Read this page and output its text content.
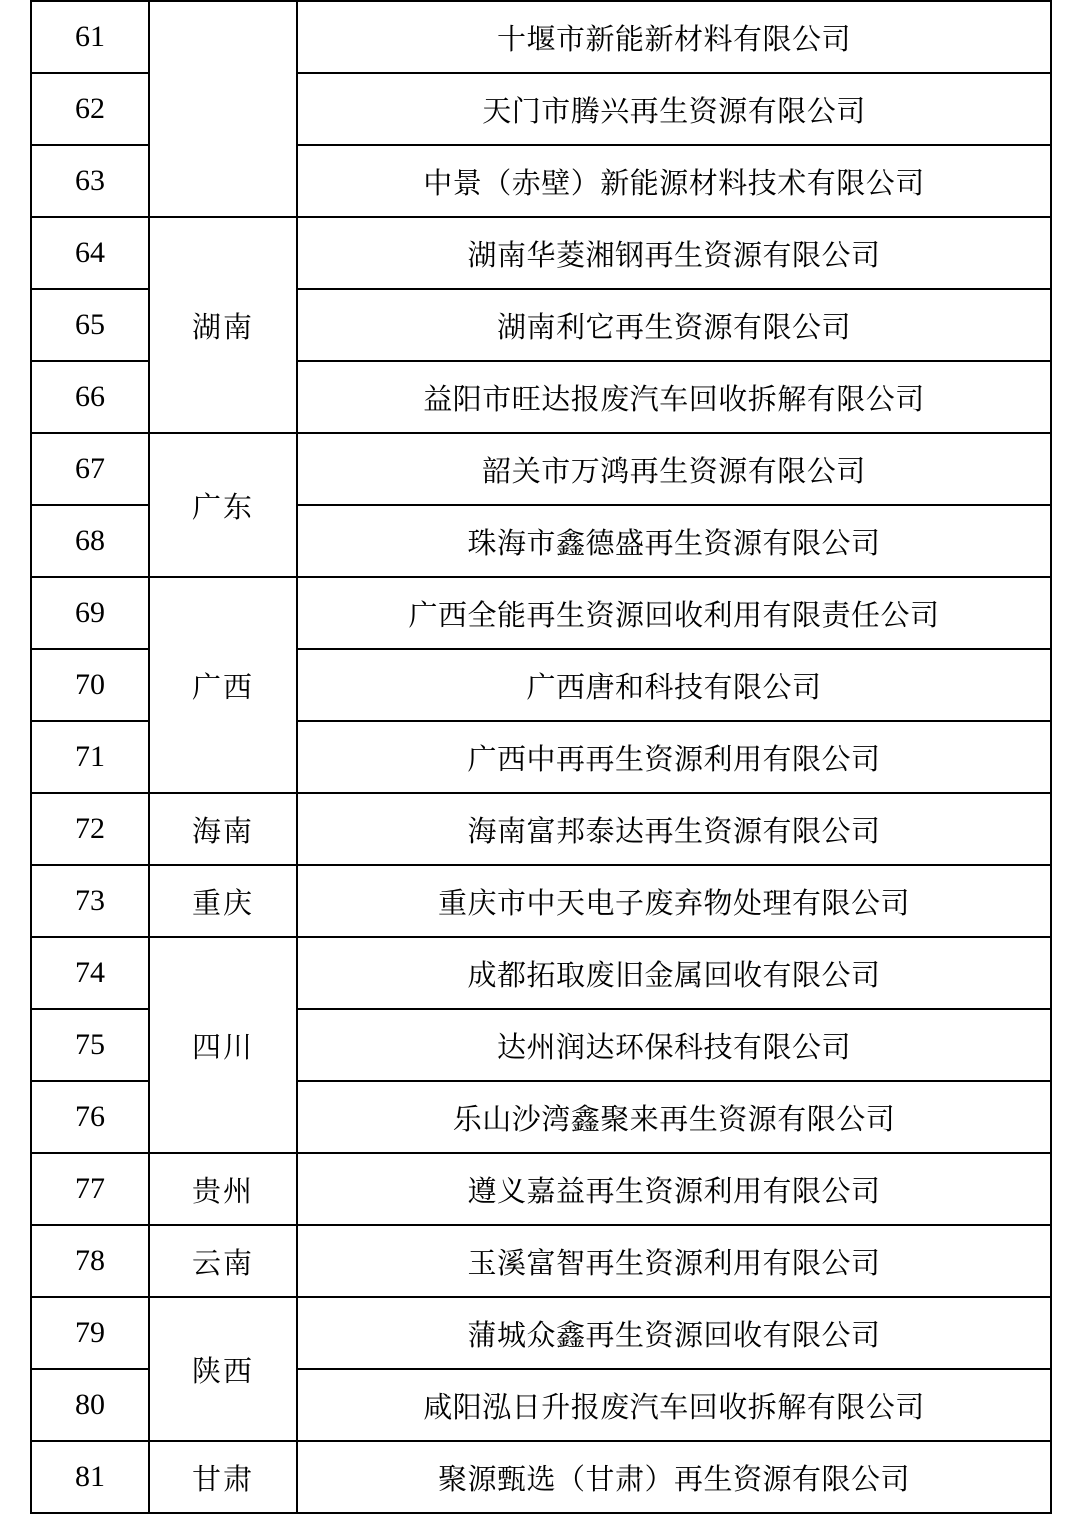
61		十堰市新能新材料有限公司
62		天门市腾兴再生资源有限公司
63		中景（赤壁）新能源材料技术有限公司
64	湖南	湖南华菱湘钢再生资源有限公司
65		湖南利它再生资源有限公司
66		益阳市旺达报废汽车回收拆解有限公司
67	广东	韶关市万鸿再生资源有限公司
68		珠海市鑫德盛再生资源有限公司
69	广西	广西全能再生资源回收利用有限责任公司
70		广西唐和科技有限公司
71		广西中再再生资源利用有限公司
72	海南	海南富邦泰达再生资源有限公司
73	重庆	重庆市中天电子废弃物处理有限公司
74	四川	成都拓取废旧金属回收有限公司
75		达州润达环保科技有限公司
76		乐山沙湾鑫聚来再生资源有限公司
77	贵州	遵义嘉益再生资源利用有限公司
78	云南	玉溪富智再生资源利用有限公司
79	陕西	蒲城众鑫再生资源回收有限公司
80		咸阳泓日升报废汽车回收拆解有限公司
81	甘肃	聚源甄选（甘肃）再生资源有限公司
